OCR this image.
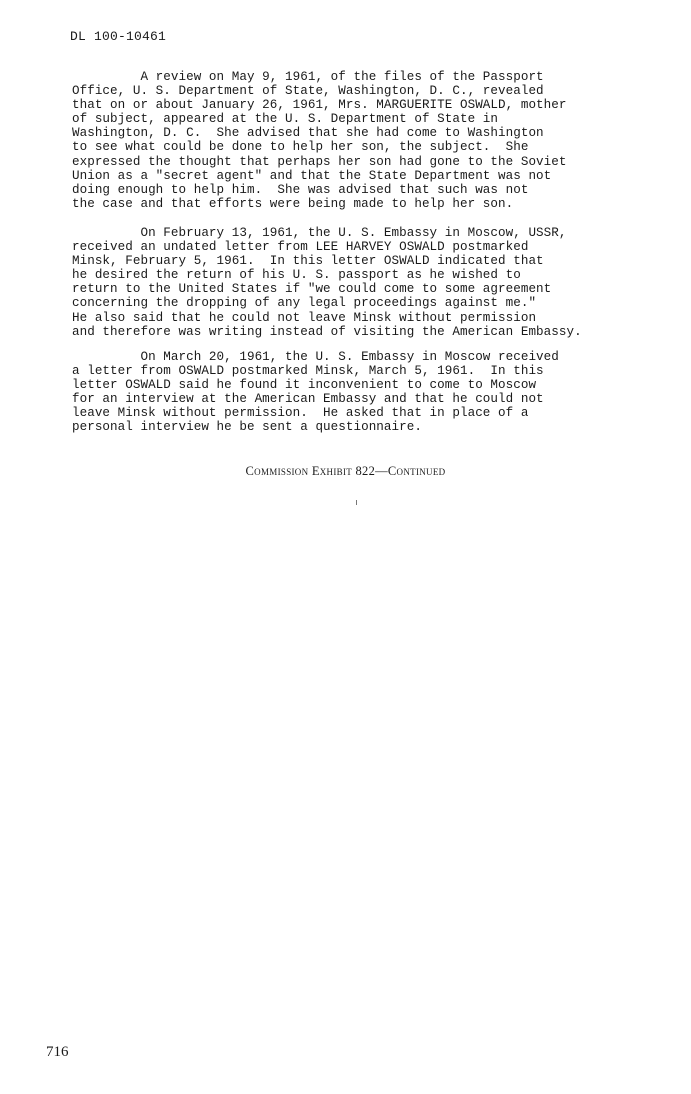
DL 100-10461
A review on May 9, 1961, of the files of the Passport
Office, U. S. Department of State, Washington, D. C., revealed
that on or about January 26, 1961, Mrs. MARGUERITE OSWALD, mother
of subject, appeared at the U. S. Department of State in
Washington, D. C.  She advised that she had come to Washington
to see what could be done to help her son, the subject.  She
expressed the thought that perhaps her son had gone to the Soviet
Union as a "secret agent" and that the State Department was not
doing enough to help him.  She was advised that such was not
the case and that efforts were being made to help her son.
On February 13, 1961, the U. S. Embassy in Moscow, USSR,
received an undated letter from LEE HARVEY OSWALD postmarked
Minsk, February 5, 1961.  In this letter OSWALD indicated that
he desired the return of his U. S. passport as he wished to
return to the United States if "we could come to some agreement
concerning the dropping of any legal proceedings against me."
He also said that he could not leave Minsk without permission
and therefore was writing instead of visiting the American Embassy.
On March 20, 1961, the U. S. Embassy in Moscow received
a letter from OSWALD postmarked Minsk, March 5, 1961.  In this
letter OSWALD said he found it inconvenient to come to Moscow
for an interview at the American Embassy and that he could not
leave Minsk without permission.  He asked that in place of a
personal interview he be sent a questionnaire.
Commission Exhibit 822—Continued
716
